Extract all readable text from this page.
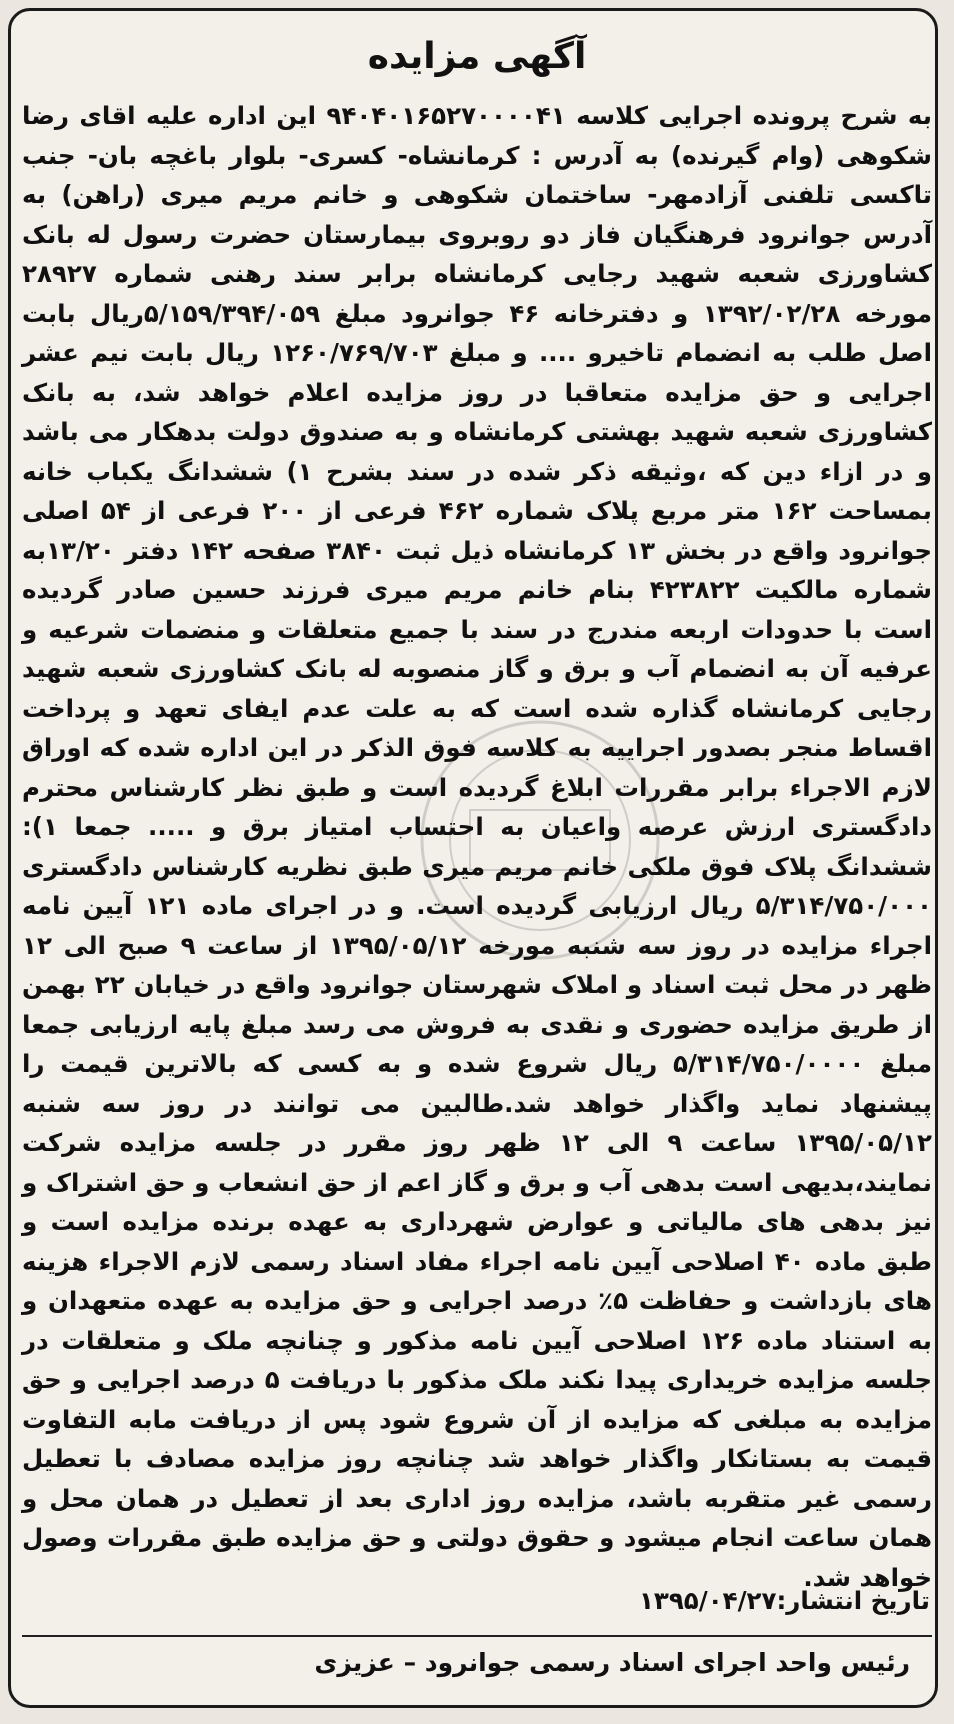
آگهی مزایده

به شرح پرونده اجرایی کلاسه ۹۴۰۴۰۱۶۵۲۷۰۰۰۰۴۱ این اداره علیه اقای رضا شکوهی (وام گیرنده) به آدرس : کرمانشاه- کسری- بلوار باغچه بان- جنب تاکسی تلفنی آزادمهر- ساختمان شکوهی و خانم مریم میری (راهن) به آدرس جوانرود فرهنگیان فاز دو روبروی بیمارستان حضرت رسول له بانک کشاورزی شعبه شهید رجایی کرمانشاه برابر سند رهنی شماره ۲۸۹۲۷ مورخه ۱۳۹۲/۰۲/۲۸ و دفترخانه ۴۶ جوانرود مبلغ ۵/۱۵۹/۳۹۴/۰۵۹ریال بابت اصل طلب به انضمام تاخیرو .... و مبلغ ۱۲۶۰/۷۶۹/۷۰۳ ریال بابت نیم عشر اجرایی و حق مزایده متعاقبا در روز مزایده اعلام خواهد شد، به بانک کشاورزی شعبه شهید بهشتی کرمانشاه و به صندوق دولت بدهکار می باشد و در ازاء دین که ،وثیقه ذکر شده در سند بشرح ۱) ششدانگ یکباب خانه بمساحت ۱۶۲ متر مربع پلاک شماره ۴۶۲ فرعی از ۲۰۰ فرعی از ۵۴ اصلی جوانرود واقع در بخش ۱۳ کرمانشاه ذیل ثبت ۳۸۴۰ صفحه ۱۴۲ دفتر ۱۳/۲۰به شماره مالکیت ۴۲۳۸۲۲ بنام خانم مریم میری فرزند حسین صادر گردیده است با حدودات اربعه مندرج در سند با جمیع متعلقات و منضمات شرعیه و عرفیه آن به انضمام آب و برق و گاز منصوبه له بانک کشاورزی شعبه شهید رجایی کرمانشاه گذاره شده است که به علت عدم ایفای تعهد و پرداخت اقساط منجر بصدور اجراییه به کلاسه فوق الذکر در این اداره شده که اوراق لازم الاجراء برابر مقررات ابلاغ گردیده است و طبق نظر کارشناس محترم دادگستری ارزش عرصه واعیان به احتساب امتیاز برق و ..... جمعا ۱): ششدانگ پلاک فوق ملکی خانم مریم میری طبق نظریه کارشناس دادگستری ۵/۳۱۴/۷۵۰/۰۰۰ ریال ارزیابی گردیده است. و در اجرای ماده ۱۲۱ آیین نامه اجراء مزایده در روز سه شنبه مورخه ۱۳۹۵/۰۵/۱۲ از ساعت ۹ صبح الی ۱۲ ظهر در محل ثبت اسناد و املاک شهرستان جوانرود واقع در خیابان ۲۲ بهمن از طریق مزایده حضوری و نقدی به فروش می رسد مبلغ پایه ارزیابی جمعا مبلغ ۵/۳۱۴/۷۵۰/۰۰۰۰ ریال شروع شده و به کسی که بالاترین قیمت را پیشنهاد نماید واگذار خواهد شد.طالبین می توانند در روز سه شنبه ۱۳۹۵/۰۵/۱۲ ساعت ۹ الی ۱۲ ظهر روز مقرر در جلسه مزایده شرکت نمایند،بدیهی است بدهی آب و برق و گاز اعم از حق انشعاب و حق اشتراک و نیز بدهی های مالیاتی و عوارض شهرداری به عهده برنده مزایده است و طبق ماده ۴۰ اصلاحی آیین نامه اجراء مفاد اسناد رسمی لازم الاجراء هزینه های بازداشت و حفاظت ۵٪ درصد اجرایی و حق مزایده به عهده متعهدان و به استناد ماده ۱۲۶ اصلاحی آیین نامه مذکور و چنانچه ملک و متعلقات در جلسه مزایده خریداری پیدا نکند ملک مذکور با دریافت ۵ درصد اجرایی و حق مزایده به مبلغی که مزایده از آن شروع شود پس از دریافت مابه التفاوت قیمت به بستانکار واگذار خواهد شد چنانچه روز مزایده مصادف با تعطیل رسمی غیر متقربه باشد، مزایده روز اداری بعد از تعطیل در همان محل و همان ساعت انجام میشود و حقوق دولتی و حق مزایده طبق مقررات وصول خواهد شد.

تاریخ انتشار:۱۳۹۵/۰۴/۲۷

رئیس واحد اجرای اسناد رسمی جوانرود – عزیزی
